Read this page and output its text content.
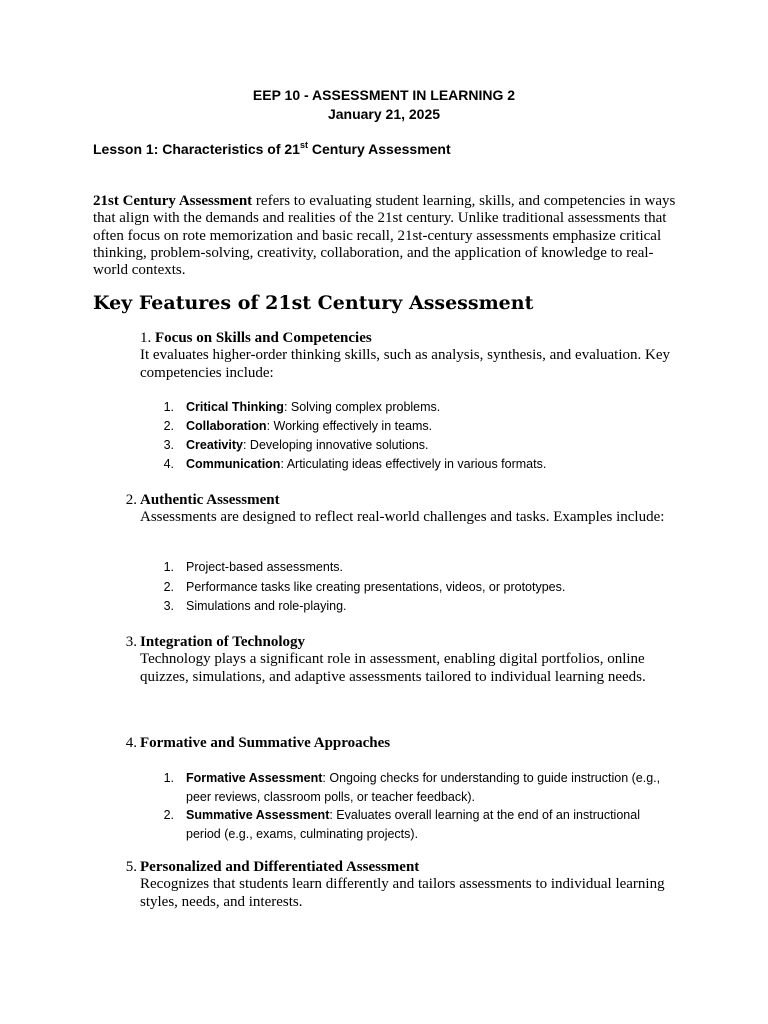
EEP 10 - ASSESSMENT IN LEARNING 2
January 21, 2025
Lesson 1: Characteristics of 21st Century Assessment
21st Century Assessment refers to evaluating student learning, skills, and competencies in ways that align with the demands and realities of the 21st century. Unlike traditional assessments that often focus on rote memorization and basic recall, 21st-century assessments emphasize critical thinking, problem-solving, creativity, collaboration, and the application of knowledge to real-world contexts.
Key Features of 21st Century Assessment
1. Focus on Skills and Competencies
It evaluates higher-order thinking skills, such as analysis, synthesis, and evaluation. Key competencies include:
1. Critical Thinking: Solving complex problems.
2. Collaboration: Working effectively in teams.
3. Creativity: Developing innovative solutions.
4. Communication: Articulating ideas effectively in various formats.
2. Authentic Assessment
Assessments are designed to reflect real-world challenges and tasks. Examples include:
1. Project-based assessments.
2. Performance tasks like creating presentations, videos, or prototypes.
3. Simulations and role-playing.
3. Integration of Technology
Technology plays a significant role in assessment, enabling digital portfolios, online quizzes, simulations, and adaptive assessments tailored to individual learning needs.
4. Formative and Summative Approaches
1. Formative Assessment: Ongoing checks for understanding to guide instruction (e.g., peer reviews, classroom polls, or teacher feedback).
2. Summative Assessment: Evaluates overall learning at the end of an instructional period (e.g., exams, culminating projects).
5. Personalized and Differentiated Assessment
Recognizes that students learn differently and tailors assessments to individual learning styles, needs, and interests.
